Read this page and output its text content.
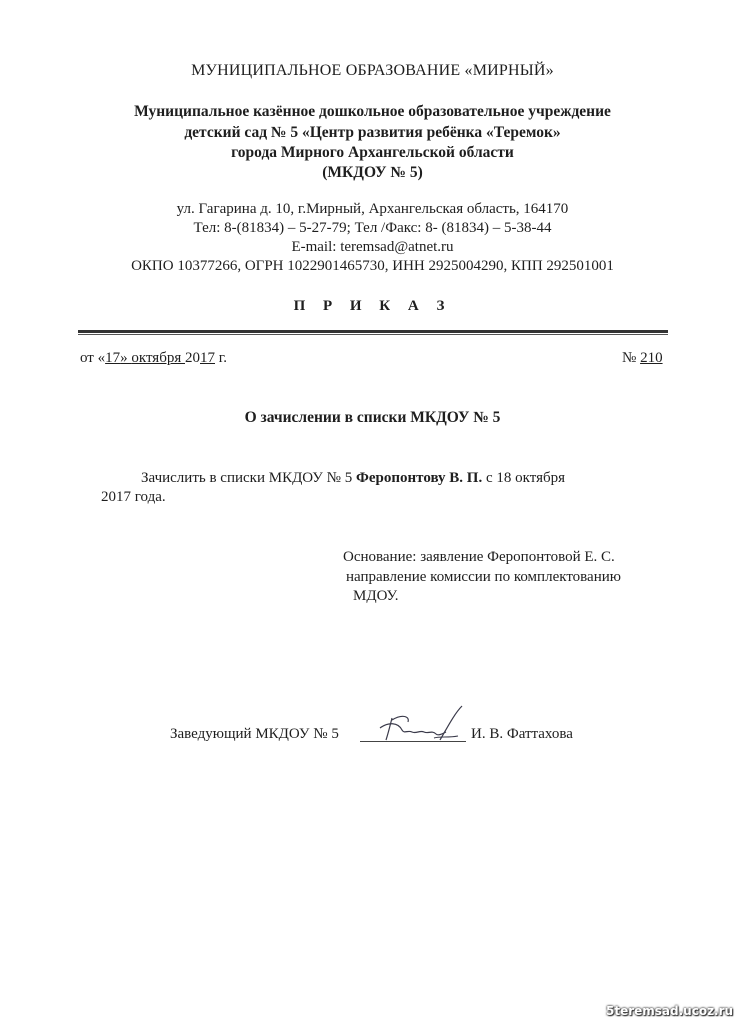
МУНИЦИПАЛЬНОЕ ОБРАЗОВАНИЕ «МИРНЫЙ»
Муниципальное казённое дошкольное образовательное учреждение
детский сад № 5 «Центр развития ребёнка «Теремок»
города Мирного Архангельской области
(МКДОУ № 5)
ул. Гагарина д. 10, г.Мирный, Архангельская область, 164170
Тел: 8-(81834) – 5-27-79; Тел /Факс: 8- (81834) – 5-38-44
E-mail: teremsad@atnet.ru
ОКПО 10377266, ОГРН 1022901465730, ИНН 2925004290, КПП 292501001
П Р И К А З
от «17» октября 2017 г.	№ 210
О зачислении в списки МКДОУ № 5
Зачислить в списки МКДОУ № 5 Феропонтову В. П. с 18 октября
2017 года.
Основание: заявление Феропонтовой Е. С.
направление комиссии по комплектованию
МДОУ.
Заведующий МКДОУ № 5	И. В. Фаттахова
5teremsad.ucoz.ru
